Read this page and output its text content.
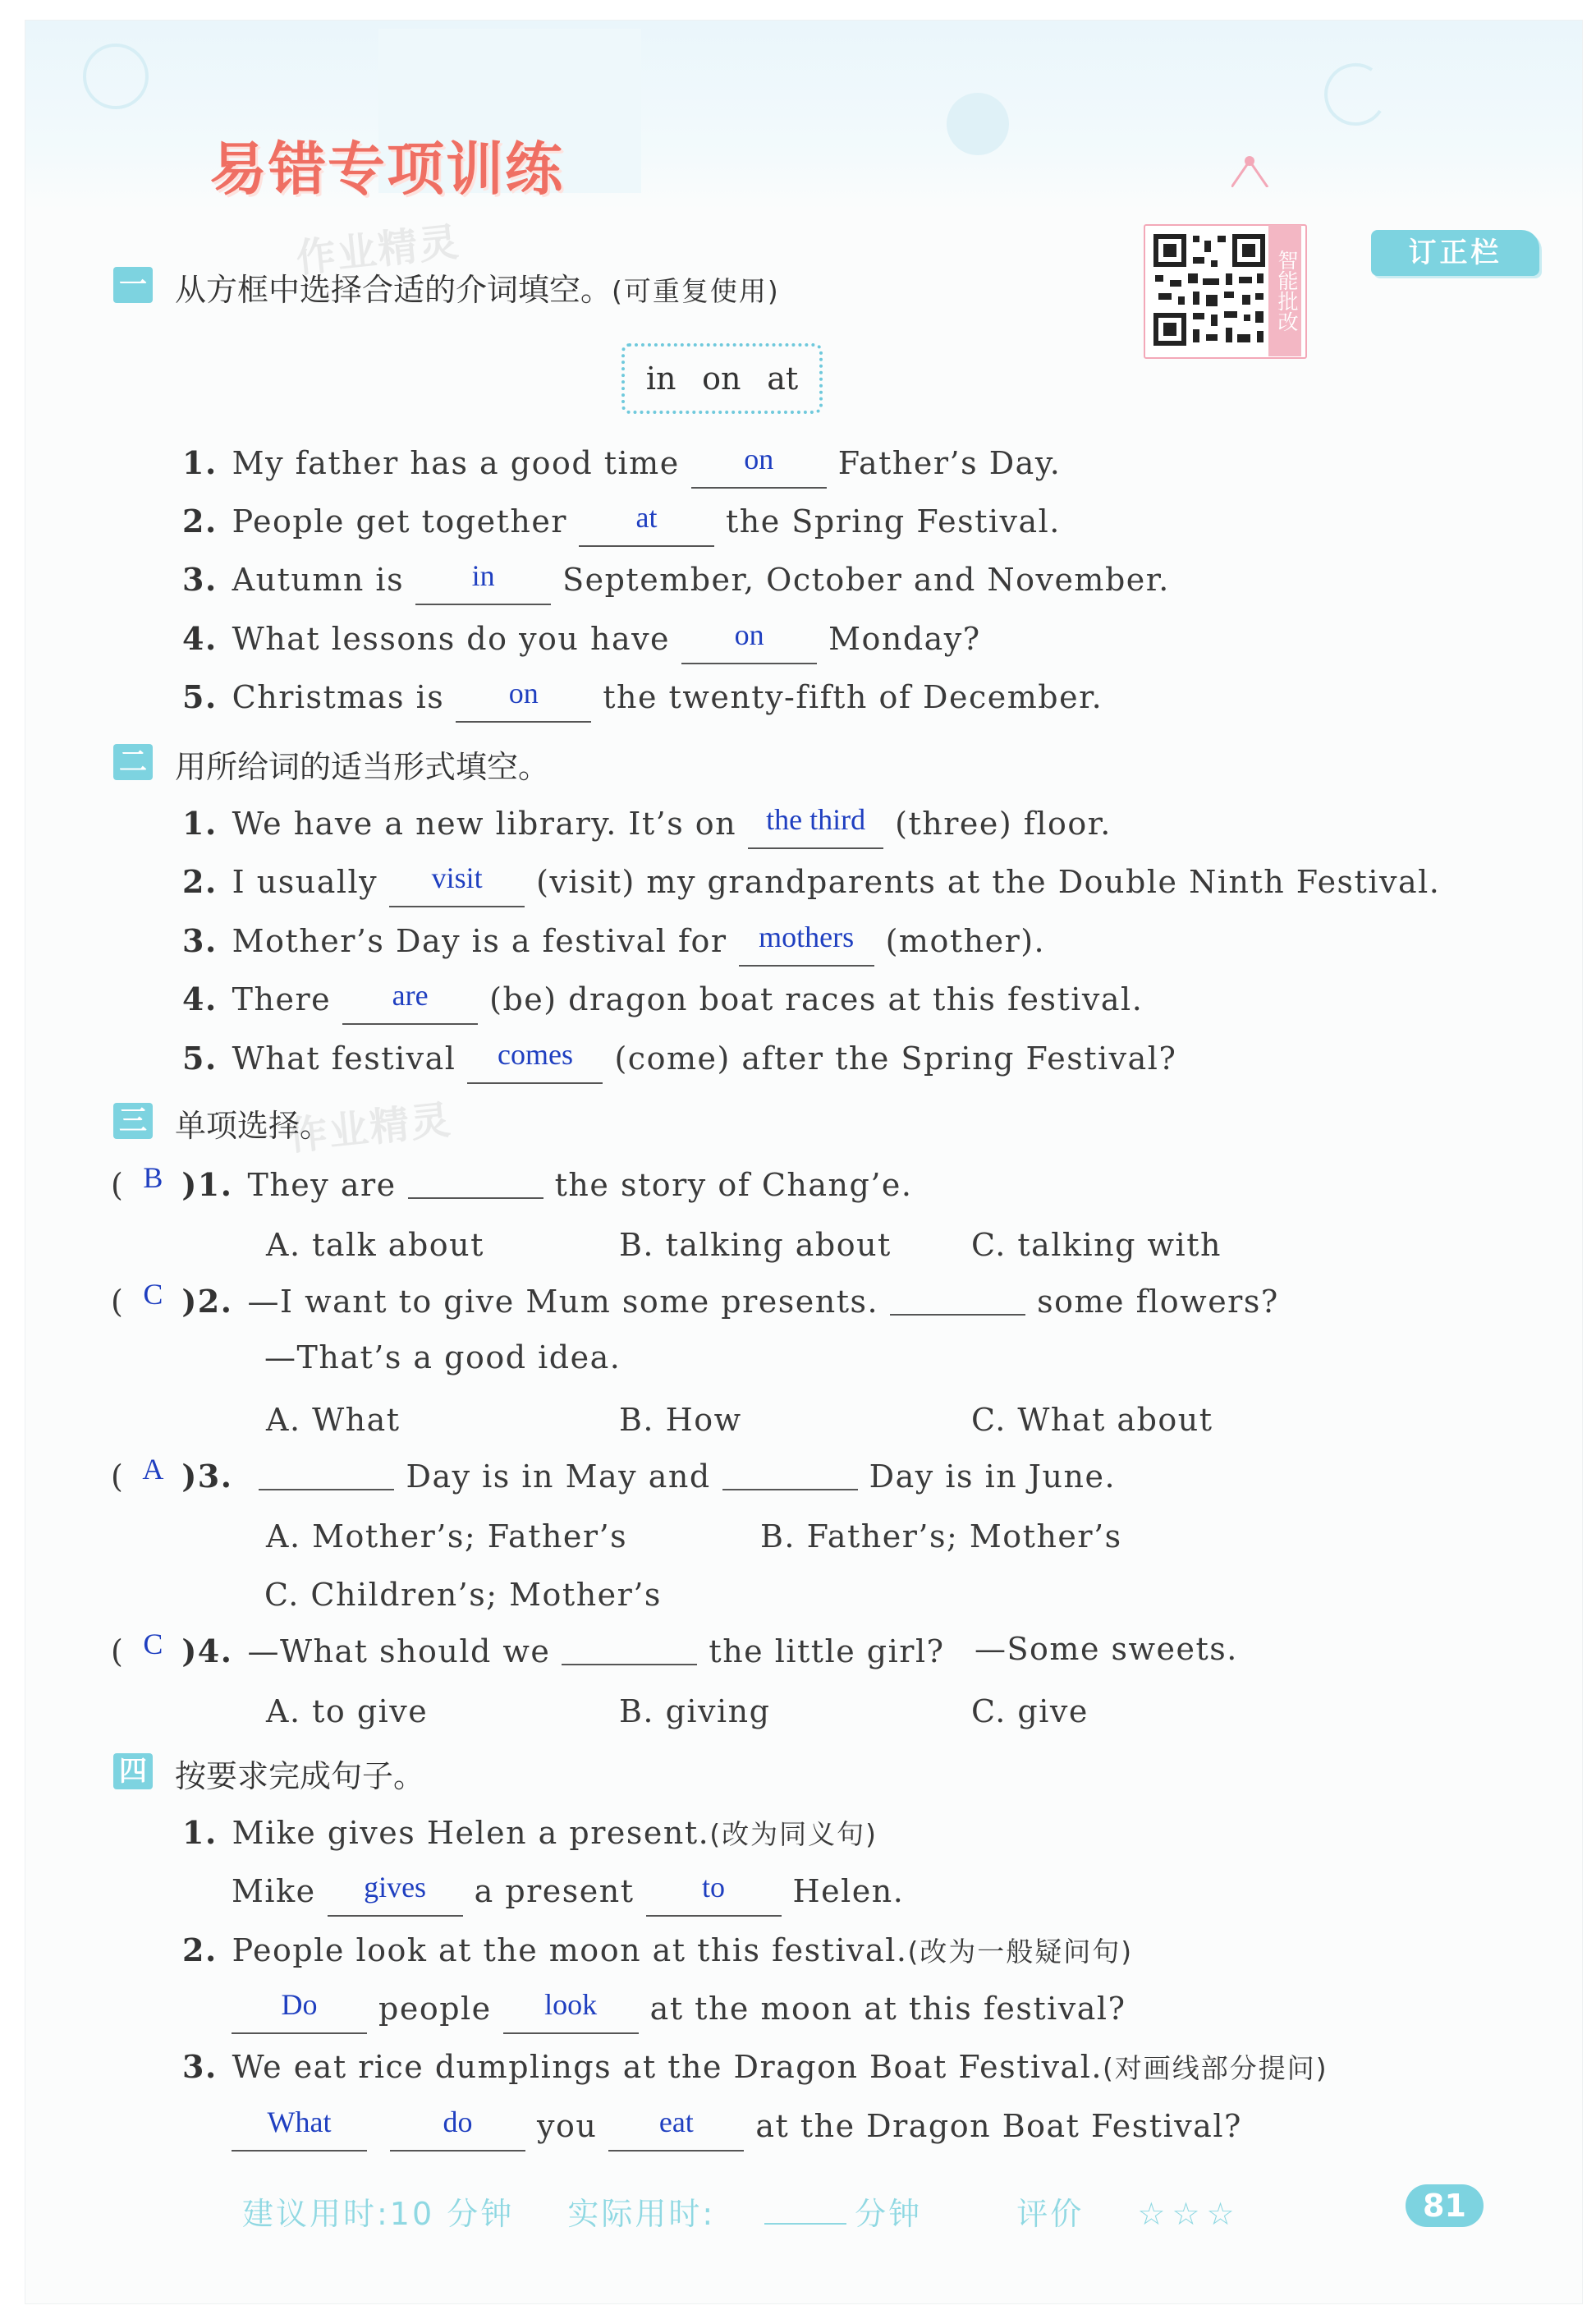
易错专项训练
作业精灵
作业精灵
智能批改	订正栏
一 从方框中选择合适的介词填空。(可重复使用)
in on at
1. My father has a good time on Father’s Day.
2. People get together at the Spring Festival.
3. Autumn is in September, October and November.
4. What lessons do you have on Monday?
5. Christmas is on the twenty-fifth of December.
二 用所给词的适当形式填空。
1. We have a new library. It’s on the third (three) floor.
2. I usually visit (visit) my grandparents at the Double Ninth Festival.
3. Mother’s Day is a festival for mothers (mother).
4. There are (be) dragon boat races at this festival.
5. What festival comes (come) after the Spring Festival?
三 单项选择。
( B )1. They are	the story of Chang’e.
A. talk about	B. talking about	C. talking with
( C )2. —I want to give Mum some presents.	some flowers?
—That’s a good idea.
A. What	B. How	C. What about
( A )3.	Day is in May and	Day is in June.
A. Mother’s; Father’s	B. Father’s; Mother’s
C. Children’s; Mother’s
( C )4. —What should we	the little girl? —Some sweets.
A. to give	B. giving	C. give
四 按要求完成句子。
1. Mike gives Helen a present.(改为同义句)
Mike gives a present to Helen.
2. People look at the moon at this festival.(改为一般疑问句)
Do people look at the moon at this festival?
3. We eat rice dumplings at the Dragon Boat Festival.(对画线部分提问)
What	do you eat at the Dragon Boat Festival?
建议用时:10 分钟 实际用时:	分钟	评价 ☆☆☆	81
